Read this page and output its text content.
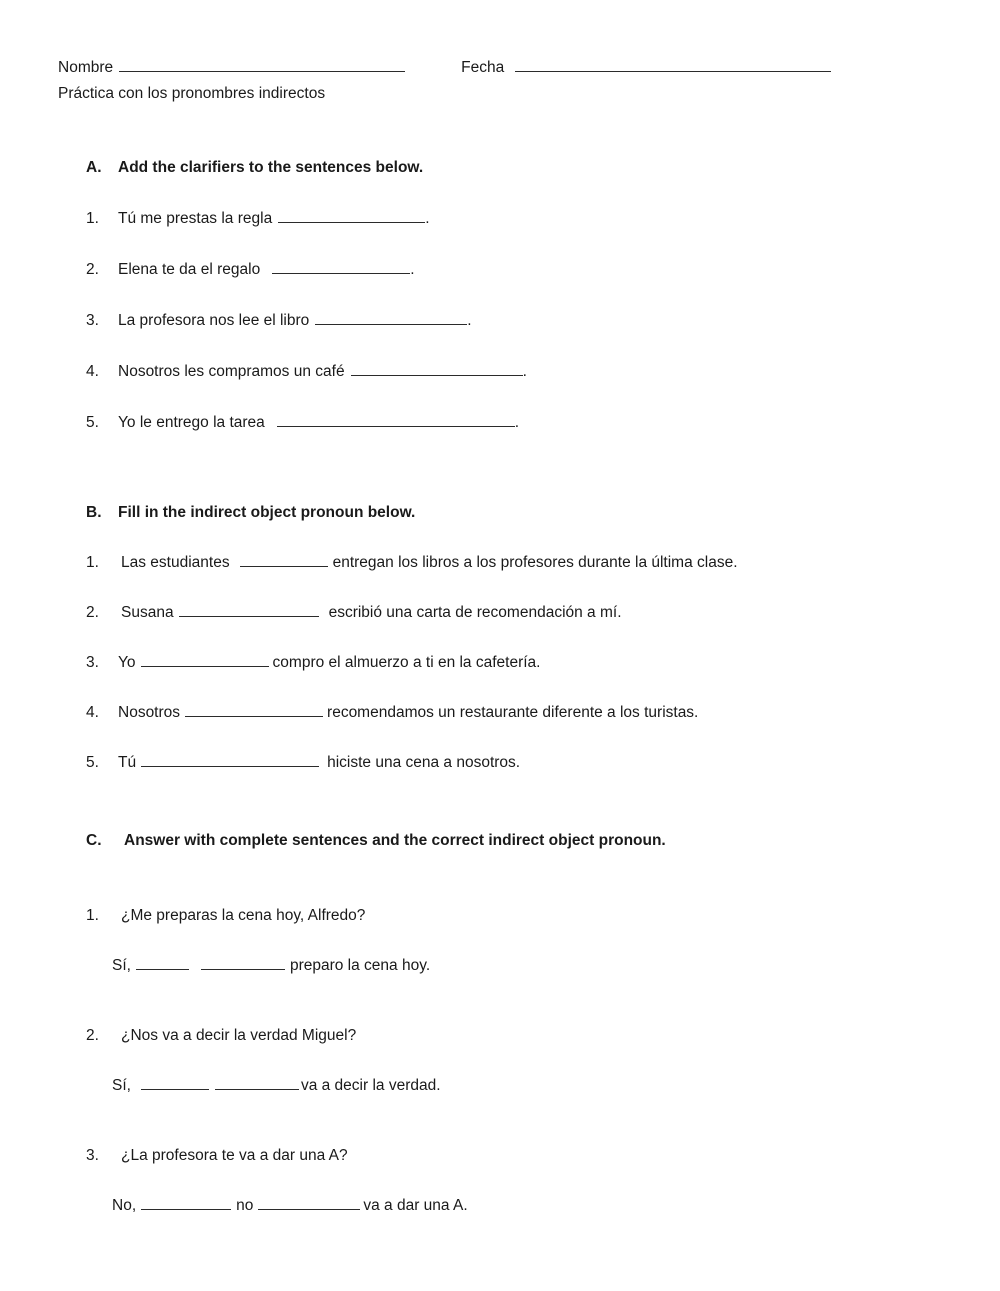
Nombre	Fecha
Práctica con los pronombres indirectos
A.	Add the clarifiers to the sentences below.
1.	Tú me prestas la regla	.
2.	Elena te da el regalo	.
3.	La profesora nos lee el libro	.
4.	Nosotros les compramos un café	.
5.	Yo le entrego la tarea	.
B.	Fill in the indirect object pronoun below.
1.	Las estudiantes	entregan los libros a los profesores durante la última clase.
2.	Susana	escribió una carta de recomendación a mí.
3.	Yo	compro el almuerzo a ti en la cafetería.
4.	Nosotros	recomendamos un restaurante diferente a los turistas.
5.	Tú	hiciste una cena a nosotros.
C.	Answer with complete sentences and the correct indirect object pronoun.
1.	¿Me preparas la cena hoy, Alfredo?
Sí,	preparo la cena hoy.
2.	¿Nos va a decir la verdad Miguel?
Sí,	va a decir la verdad.
3.	¿La profesora te va a dar una A?
No,	no	va a dar una A.
